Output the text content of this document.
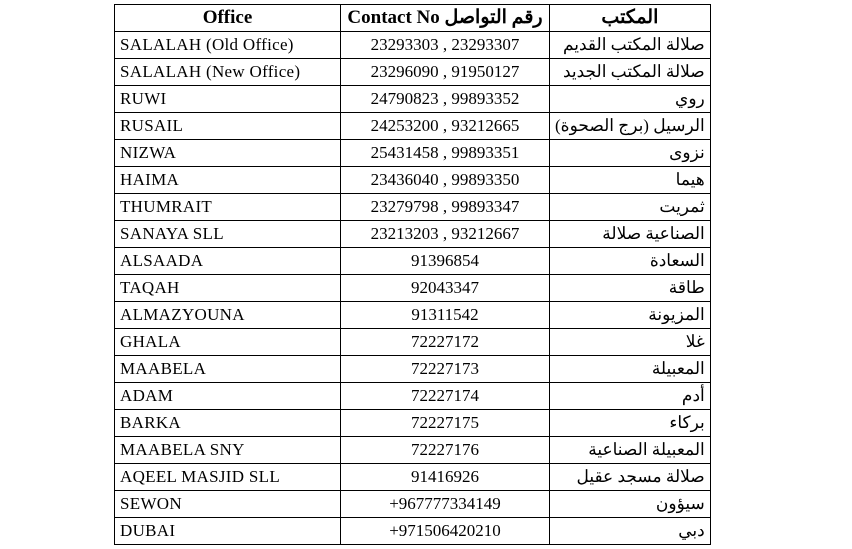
Office	Contact No رقم التواصل	المكتب
SALALAH (Old Office)	23293303 , 23293307	صلالة المكتب القديم
SALALAH (New Office)	23296090 , 91950127	صلالة المكتب الجديد
RUWI	24790823 , 99893352	روي
RUSAIL	24253200 , 93212665	الرسيل (برج الصحوة)
NIZWA	25431458 , 99893351	نزوى
HAIMA	23436040 , 99893350	هيما
THUMRAIT	23279798 , 99893347	ثمريت
SANAYA SLL	23213203 , 93212667	الصناعية صلالة
ALSAADA	91396854	السعادة
TAQAH	92043347	طاقة
ALMAZYOUNA	91311542	المزيونة
GHALA	72227172	غلا
MAABELA	72227173	المعبيلة
ADAM	72227174	أدم
BARKA	72227175	بركاء
MAABELA SNY	72227176	المعبيلة الصناعية
AQEEL MASJID SLL	91416926	صلالة مسجد عقيل
SEWON	+967777334149	سيؤون
DUBAI	+971506420210	دبي
